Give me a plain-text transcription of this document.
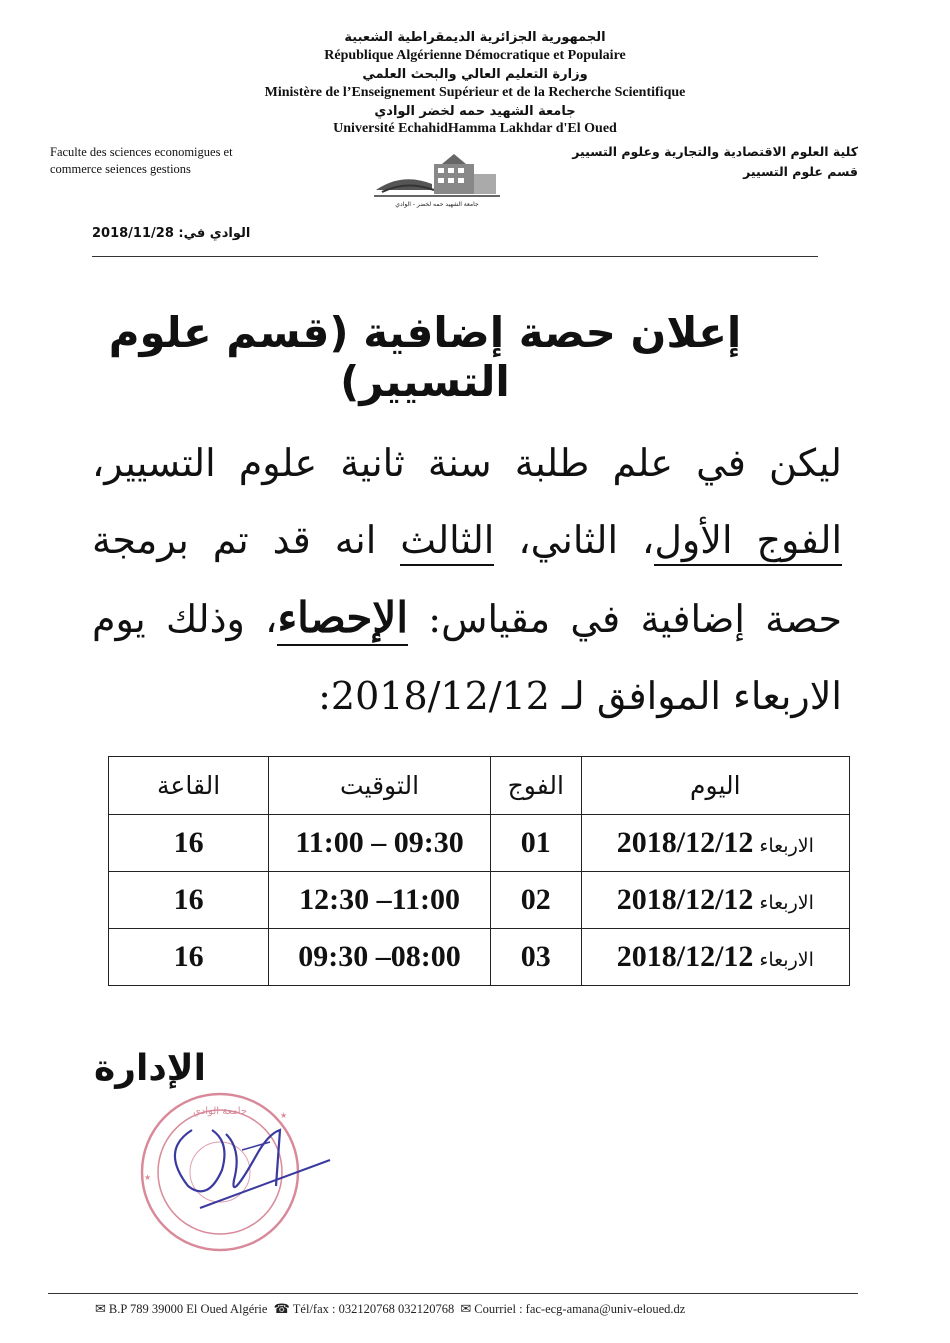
الجمهورية الجزائرية الديمقراطية الشعبية
République Algérienne Démocratique et Populaire
وزارة التعليم العالي والبحث العلمي
Ministère de l’Enseignement Supérieur et de la Recherche Scientifique
جامعة الشهيد حمه لخضر الوادي
Université EchahidHamma Lakhdar d'El Oued
Faculte des sciences economigues et
commerce seiences gestions
كلية العلوم الاقتصادية والتجارية وعلوم التسيير
قسم علوم التسيير
جامعة الشهيد حمه لخضر - الوادي
الوادي في: 2018/11/28
إعلان حصة إضافية (قسم علوم التسيير)
ليكن في علم طلبة سنة ثانية علوم التسيير، الفوج الأول، الثاني، الثالث انه قد تم برمجة حصة إضافية في مقياس: الإحصاء، وذلك يوم الاربعاء الموافق لـ 2018/12/12:
اليوم	الفوج	التوقيت	القاعة
الاربعاء2018/12/12	01	11:00 – 09:30	16
الاربعاء2018/12/12	02	12:30 –11:00	16
الاربعاء2018/12/12	03	09:30 –08:00	16
الإدارة
★
★
جامعة الوادي
✉ B.P 789 39000 El Oued Algérie ☎ Tél/fax : 032120768 032120768 ✉ Courriel : fac-ecg-amana@univ-eloued.dz
